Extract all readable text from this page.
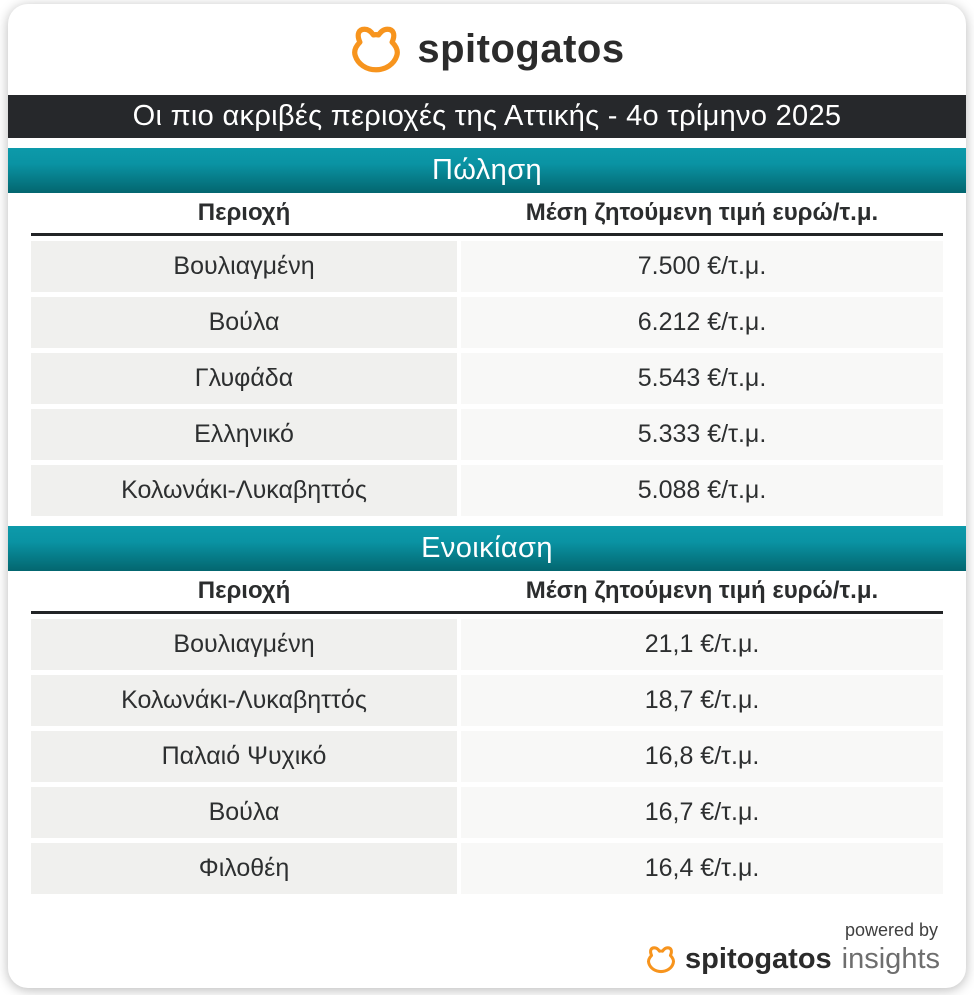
spitogatos
Οι πιο ακριβές περιοχές της Αττικής - 4ο τρίμηνο 2025
Πώληση
Περιοχή	Μέση ζητούμενη τιμή ευρώ/τ.μ.
Βουλιαγμένη	7.500 €/τ.μ.
Βούλα	6.212 €/τ.μ.
Γλυφάδα	5.543 €/τ.μ.
Ελληνικό	5.333 €/τ.μ.
Κολωνάκι-Λυκαβηττός	5.088 €/τ.μ.
Ενοικίαση
Περιοχή	Μέση ζητούμενη τιμή ευρώ/τ.μ.
Βουλιαγμένη	21,1 €/τ.μ.
Κολωνάκι-Λυκαβηττός	18,7 €/τ.μ.
Παλαιό Ψυχικό	16,8 €/τ.μ.
Βούλα	16,7 €/τ.μ.
Φιλοθέη	16,4 €/τ.μ.
powered by
spitogatos insights
